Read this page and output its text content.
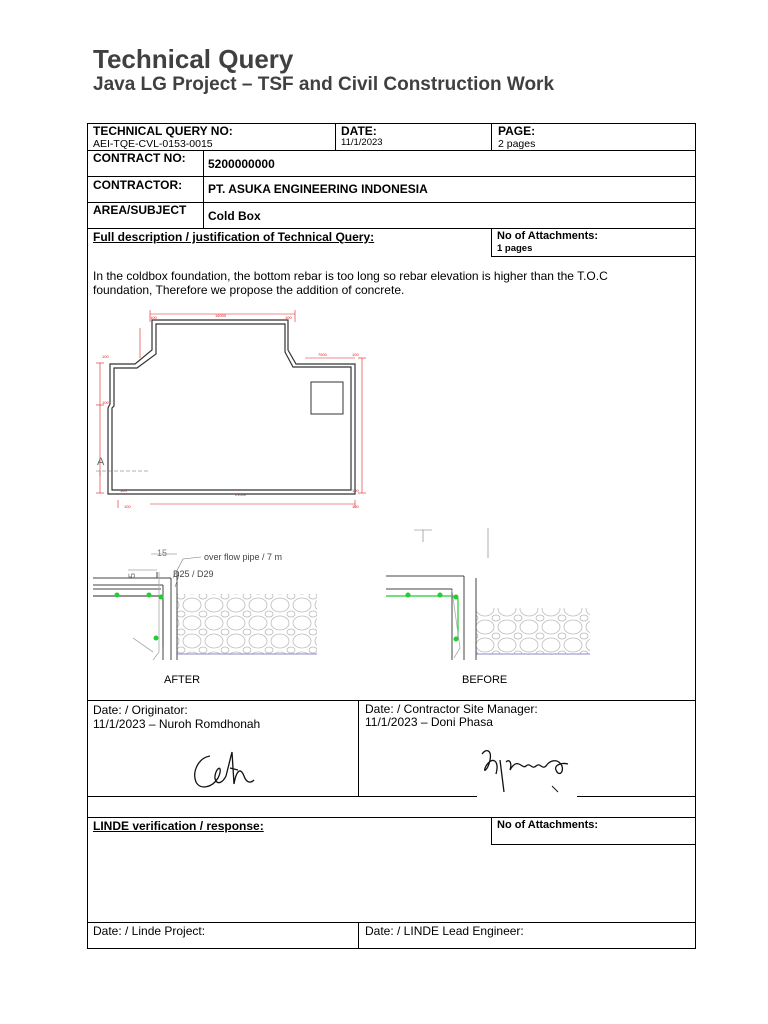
Technical Query
Java LG Project – TSF and Civil Construction Work
TECHNICAL QUERY NO:
AEI-TQE-CVL-0153-0015
DATE:
11/1/2023
PAGE:
2 pages
CONTRACT NO: 5200000000
CONTRACTOR: PT. ASUKA ENGINEERING INDONESIA
AREA/SUBJECT Cold Box
Full description / justification of Technical Query:	No of Attachments:
1 pages
In the coldbox foundation, the bottom rebar is too long so rebar elevation is higher than the T.O.C
foundation, Therefore we propose the addition of concrete.
16000
21000
7500
100	100
100
100
100
100	100
100
100
A
15
5
over flow pipe / 7 m
D25 / D29
AFTER	BEFORE
Date: / Originator:
11/1/2023 – Nuroh Romdhonah
Date: / Contractor Site Manager:
11/1/2023 – Doni Phasa
LINDE verification / response:	No of Attachments:
Date: / Linde Project:	Date: / LINDE Lead Engineer:
